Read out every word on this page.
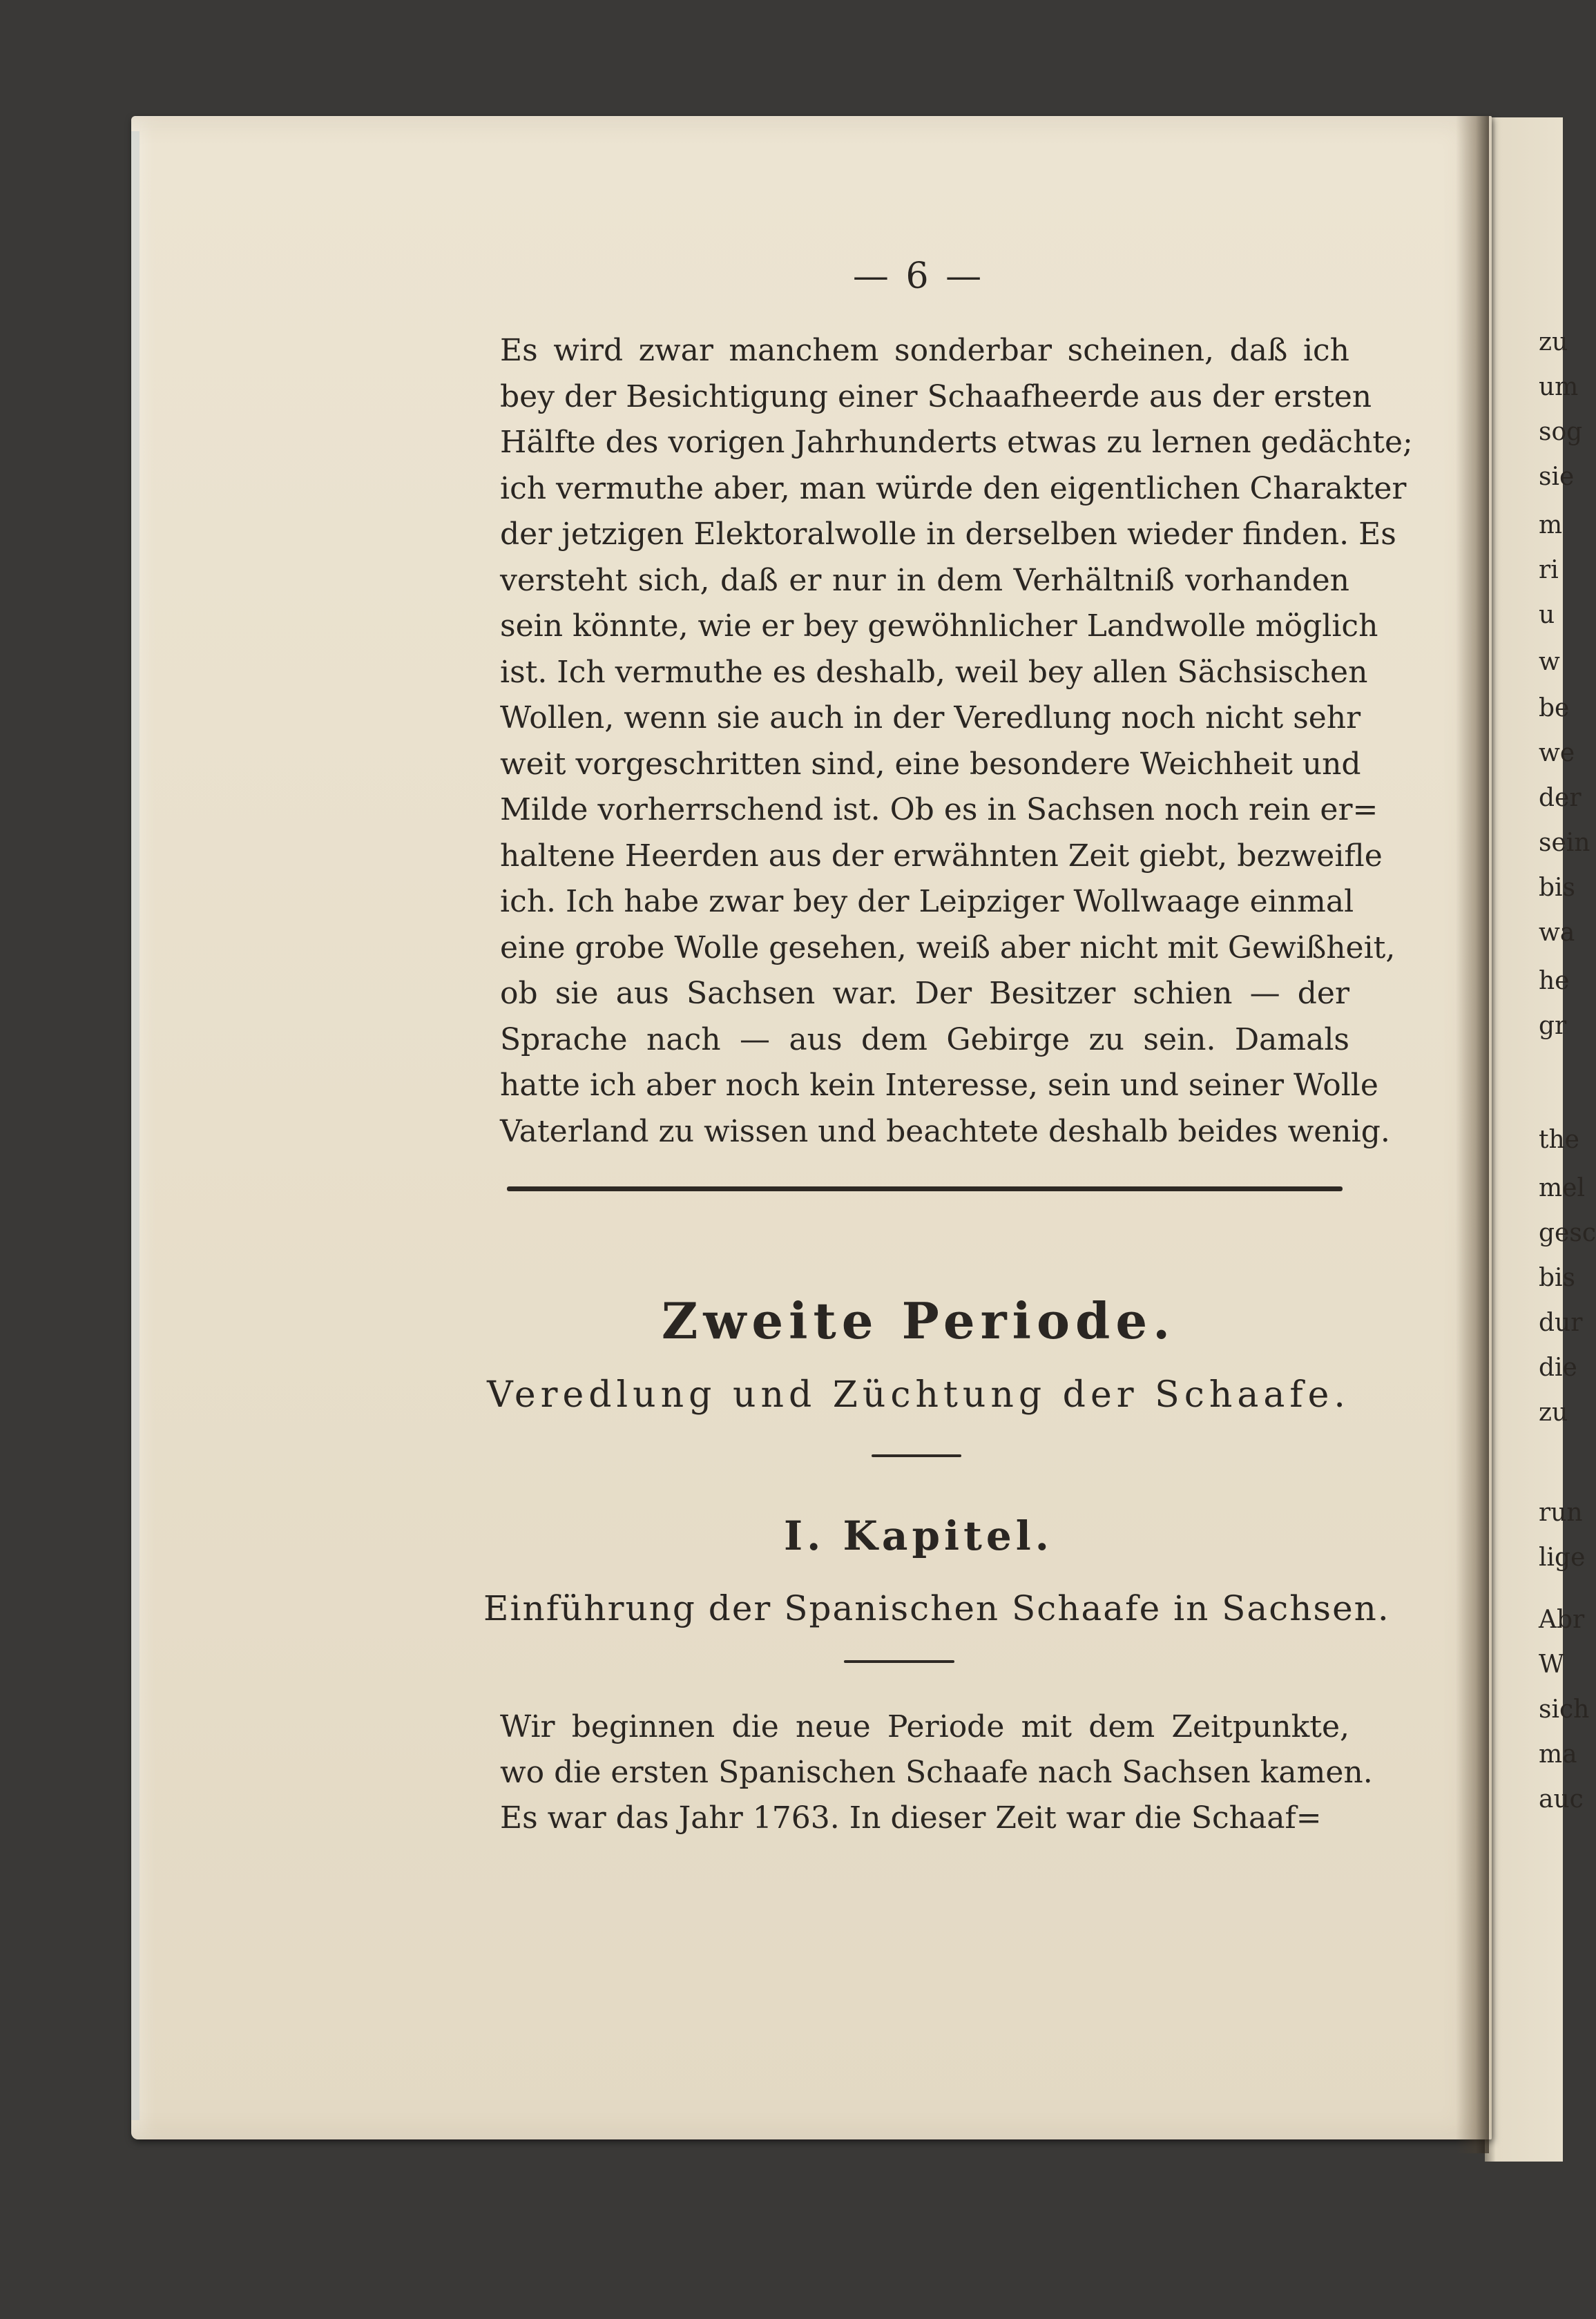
— 6 —
Es wird zwar manchem sonderbar scheinen, daß ich
bey der Besichtigung einer Schaafheerde aus der ersten
Hälfte des vorigen Jahrhunderts etwas zu lernen gedächte;
ich vermuthe aber, man würde den eigentlichen Charakter
der jetzigen Elektoralwolle in derselben wieder finden. Es
versteht sich, daß er nur in dem Verhältniß vorhanden
sein könnte, wie er bey gewöhnlicher Landwolle möglich
ist. Ich vermuthe es deshalb, weil bey allen Sächsischen
Wollen, wenn sie auch in der Veredlung noch nicht sehr
weit vorgeschritten sind, eine besondere Weichheit und
Milde vorherrschend ist. Ob es in Sachsen noch rein er=
haltene Heerden aus der erwähnten Zeit giebt, bezweifle
ich. Ich habe zwar bey der Leipziger Wollwaage einmal
eine grobe Wolle gesehen, weiß aber nicht mit Gewißheit,
ob sie aus Sachsen war. Der Besitzer schien — der
Sprache nach — aus dem Gebirge zu sein. Damals
hatte ich aber noch kein Interesse, sein und seiner Wolle
Vaterland zu wissen und beachtete deshalb beides wenig.
Zweite Periode.
Veredlung und Züchtung der Schaafe.
I. Kapitel.
Einführung der Spanischen Schaafe in Sachsen.
Wir beginnen die neue Periode mit dem Zeitpunkte,
wo die ersten Spanischen Schaafe nach Sachsen kamen.
Es war das Jahr 1763. In dieser Zeit war die Schaaf=
zu
um
sog
sie
m
ri
u
w
be
we
der
sein
bis
wa
he
gr
the
mel
gesc
bis
dur
die
zu
run
lige
Abr
W
sich
ma
auc
